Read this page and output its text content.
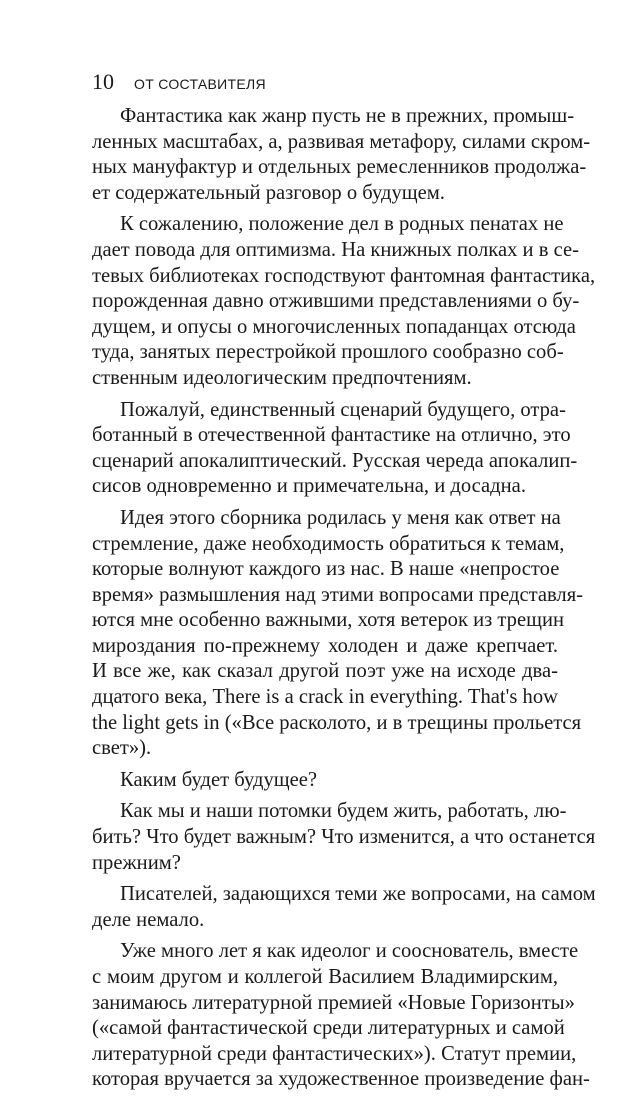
10 ОТ СОСТАВИТЕЛЯ

Фантастика как жанр пусть не в прежних, промыш-
ленных масштабах, а, развивая метафору, силами скром-
ных мануфактур и отдельных ремесленников продолжа-
ет содержательный разговор о будущем.

К сожалению, положение дел в родных пенатах не
дает повода для оптимизма. На книжных полках и в се-
тевых библиотеках господствуют фантомная фантастика,
порожденная давно отжившими представлениями о бу-
дущем, и опусы о многочисленных попаданцах отсюда
туда, занятых перестройкой прошлого сообразно соб-
ственным идеологическим предпочтениям.

Пожалуй, единственный сценарий будущего, отра-
ботанный в отечественной фантастике на отлично, это
сценарий апокалиптический. Русская череда апокалип-
сисов одновременно и примечательна, и досадна.

Идея этого сборника родилась у меня как ответ на
стремление, даже необходимость обратиться к темам,
которые волнуют каждого из нас. В наше «непростое
время» размышления над этими вопросами представля-
ются мне особенно важными, хотя ветерок из трещин
мироздания по-прежнему холоден и даже крепчает.
И все же, как сказал другой поэт уже на исходе два-
дцатого века, There is a crack in everything. That's how
the light gets in («Все расколото, и в трещины прольется
свет»).

Каким будет будущее?

Как мы и наши потомки будем жить, работать, лю-
бить? Что будет важным? Что изменится, а что останется
прежним?

Писателей, задающихся теми же вопросами, на самом
деле немало.

Уже много лет я как идеолог и сооснователь, вместе
с моим другом и коллегой Василием Владимирским,
занимаюсь литературной премией «Новые Горизонты»
(«самой фантастической среди литературных и самой
литературной среди фантастических»). Статут премии,
которая вручается за художественное произведение фан-
